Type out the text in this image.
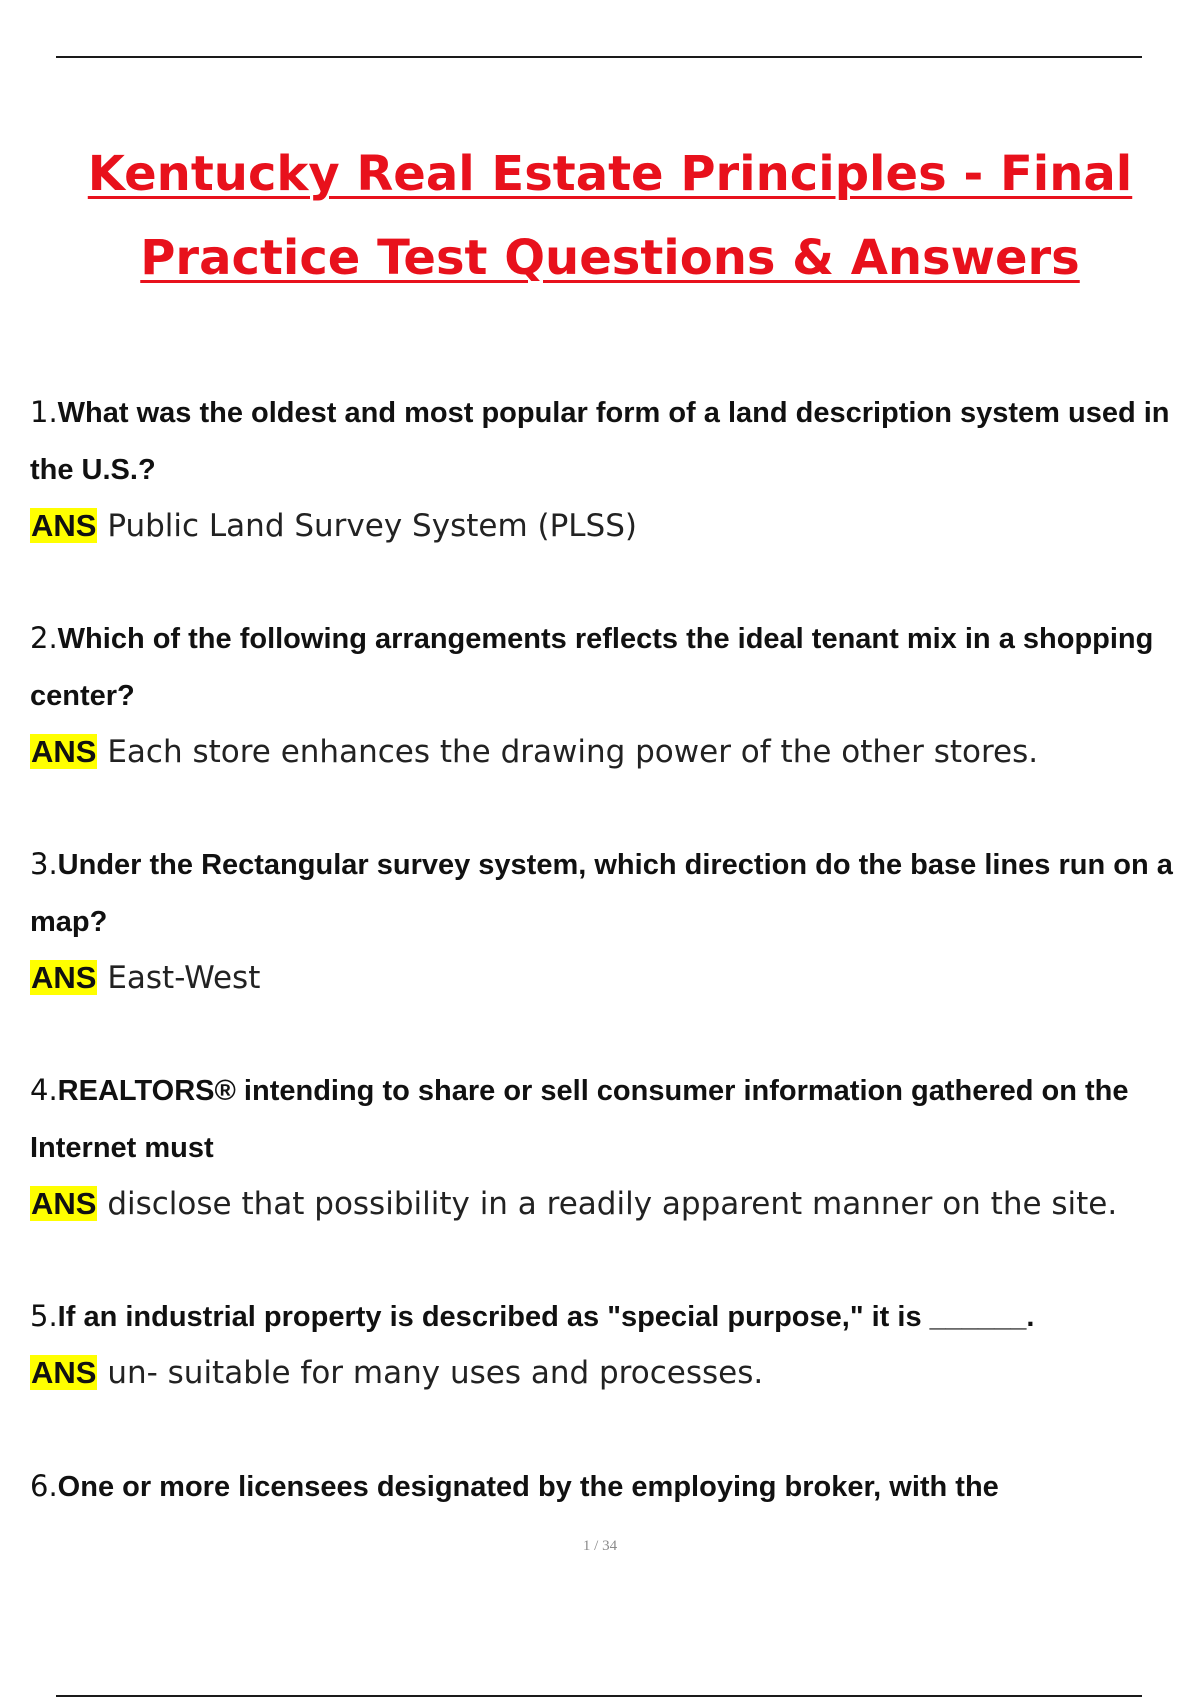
Kentucky Real Estate Principles - Final
Practice Test Questions & Answers

1.What was the oldest and most popular form of a land description system used in the U.S.?

ANS Public Land Survey System (PLSS)

2.Which of the following arrangements reflects the ideal tenant mix in a shopping center?

ANS Each store enhances the drawing power of the other stores.

3.Under the Rectangular survey system, which direction do the base lines run on a map?

ANS East-West

4.REALTORS® intending to share or sell consumer information gathered on the Internet must

ANS disclose that possibility in a readily apparent manner on the site.

5.If an industrial property is described as "special purpose," it is ______.

ANS un- suitable for many uses and processes.

6.One or more licensees designated by the employing broker, with the

1 / 34
